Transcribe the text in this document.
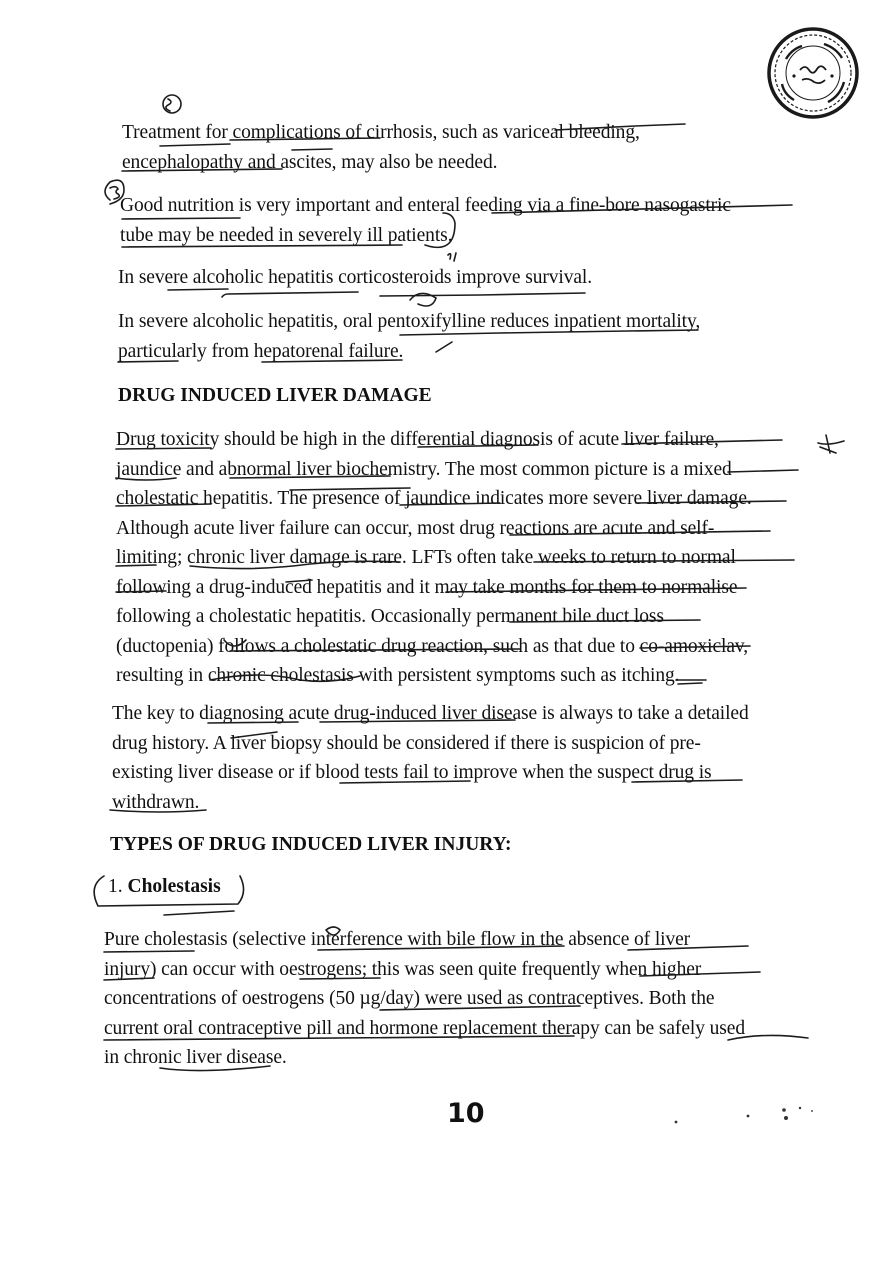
Treatment for complications of cirrhosis, such as variceal bleeding,
encephalopathy and ascites, may also be needed.
Good nutrition is very important and enteral feeding via a fine-bore nasogastric
tube may be needed in severely ill patients.
In severe alcoholic hepatitis corticosteroids improve survival.
In severe alcoholic hepatitis, oral pentoxifylline reduces inpatient mortality,
particularly from hepatorenal failure.
DRUG INDUCED LIVER DAMAGE
Drug toxicity should be high in the differential diagnosis of acute liver failure,
jaundice and abnormal liver biochemistry. The most common picture is a mixed
cholestatic hepatitis. The presence of jaundice indicates more severe liver damage.
Although acute liver failure can occur, most drug reactions are acute and self-
limiting; chronic liver damage is rare. LFTs often take weeks to return to normal
following a drug-induced hepatitis and it may take months for them to normalise
following a cholestatic hepatitis. Occasionally permanent bile duct loss
(ductopenia) follows a cholestatic drug reaction, such as that due to co-amoxiclav,
resulting in chronic cholestasis with persistent symptoms such as itching.
The key to diagnosing acute drug-induced liver disease is always to take a detailed
drug history. A liver biopsy should be considered if there is suspicion of pre-
existing liver disease or if blood tests fail to improve when the suspect drug is
withdrawn.
TYPES OF DRUG INDUCED LIVER INJURY:
1. Cholestasis
Pure cholestasis (selective interference with bile flow in the absence of liver
injury) can occur with oestrogens; this was seen quite frequently when higher
concentrations of oestrogens (50 µg/day) were used as contraceptives. Both the
current oral contraceptive pill and hormone replacement therapy can be safely used
in chronic liver disease.
10
